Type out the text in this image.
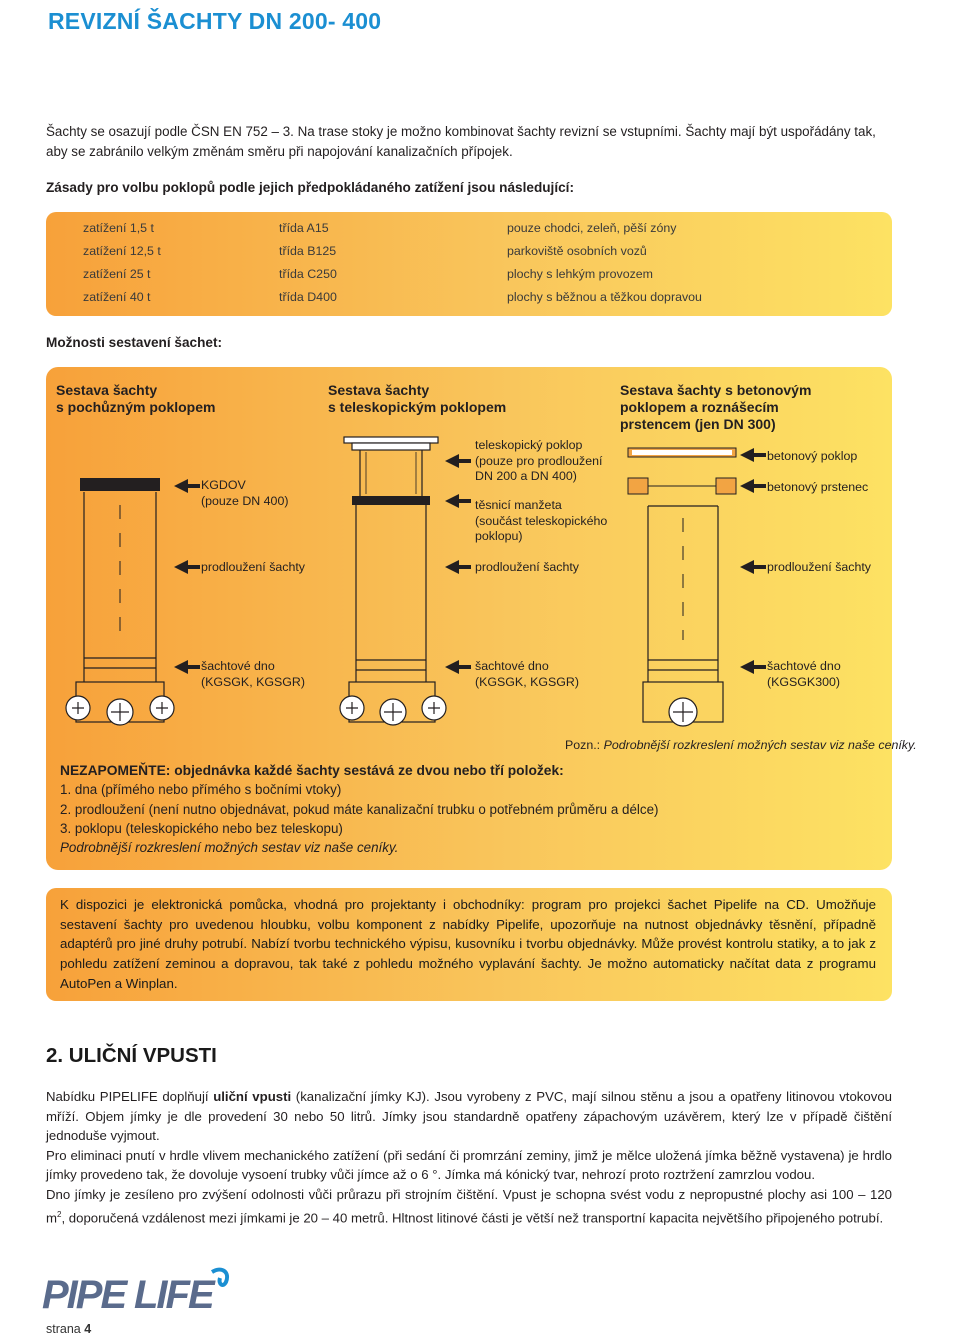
REVIZNÍ ŠACHTY DN 200- 400
Šachty se osazují podle ČSN EN 752 – 3. Na trase stoky je možno kombinovat šachty revizní se vstupními. Šachty mají být uspořádány tak, aby se zabránilo velkým změnám směru při napojování kanalizačních přípojek.
Zásady pro volbu poklopů podle jejich předpokládaného zatížení jsou následující:
zatížení 1,5 t	třída A15	pouze chodci, zeleň, pěší zóny
zatížení 12,5 t	třída B125	parkoviště osobních vozů
zatížení 25 t	třída C250	plochy s lehkým provozem
zatížení 40 t	třída D400	plochy s běžnou a těžkou dopravou
Možnosti sestavení šachet:
Sestava šachty
s pochůzným poklopem
Sestava šachty
s teleskopickým poklopem
Sestava šachty s betonovým
poklopem a roznášecím
prstencem (jen DN 300)
KGDOV
(pouze DN 400)
prodloužení šachty
šachtové dno
(KGSGK, KGSGR)
teleskopický poklop
(pouze pro prodloužení
DN 200 a DN 400)
těsnicí manžeta
(součást teleskopického
poklopu)
prodloužení šachty
šachtové dno
(KGSGK, KGSGR)
betonový poklop
betonový prstenec
prodloužení šachty
šachtové dno
(KGSGK300)
Pozn.: Podrobnější rozkreslení možných sestav viz naše ceníky.
NEZAPOMEŇTE: objednávka každé šachty sestává ze dvou nebo tří položek:
1. dna (přímého nebo přímého s bočními vtoky)
2. prodloužení (není nutno objednávat, pokud máte kanalizační trubku o potřebném průměru a délce)
3. poklopu (teleskopického nebo bez teleskopu)
Podrobnější rozkreslení možných sestav viz naše ceníky.
K dispozici je elektronická pomůcka, vhodná pro projektanty i obchodníky: program pro projekci šachet Pipelife na CD. Umožňuje sestavení šachty pro uvedenou hloubku, volbu komponent z nabídky Pipelife, upozorňuje na nutnost objednávky těsnění, případně adaptérů pro jiné druhy potrubí. Nabízí tvorbu technického výpisu, kusovníku i tvorbu objednávky. Může provést kontrolu statiky, a to jak z pohledu zatížení zeminou a dopravou, tak také z pohledu možného vyplavání šachty. Je možno automaticky načítat data z programu AutoPen a Winplan.
2. ULIČNÍ VPUSTI

Nabídku PIPELIFE doplňují uliční vpusti (kanalizační jímky KJ). Jsou vyrobeny z PVC, mají silnou stěnu a jsou a opatřeny litinovou vtokovou mříží. Objem jímky je dle provedení 30 nebo 50 litrů. Jímky jsou standardně opatřeny zápachovým uzávěrem, který lze v případě čištění jednoduše vyjmout.

Pro eliminaci pnutí v hrdle vlivem mechanického zatížení (při sedání či promrzání zeminy, jimž je mělce uložená jímka běžně vystavena) je hrdlo jímky provedeno tak, že dovoluje vysoení trubky vůči jímce až o 6 °. Jímka má kónický tvar, nehrozí proto roztržení zamrzlou vodou.

Dno jímky je zesíleno pro zvýšení odolnosti vůči průrazu při strojním čištění. Vpust je schopna svést vodu z nepropustné plochy asi 100 – 120 $m^2$, doporučená vzdálenost mezi jímkami je 20 – 40 metrů. Hltnost litinové části je větší než transportní kapacita největšího připojeného potrubí.

PIPE LIFE
strana 4
